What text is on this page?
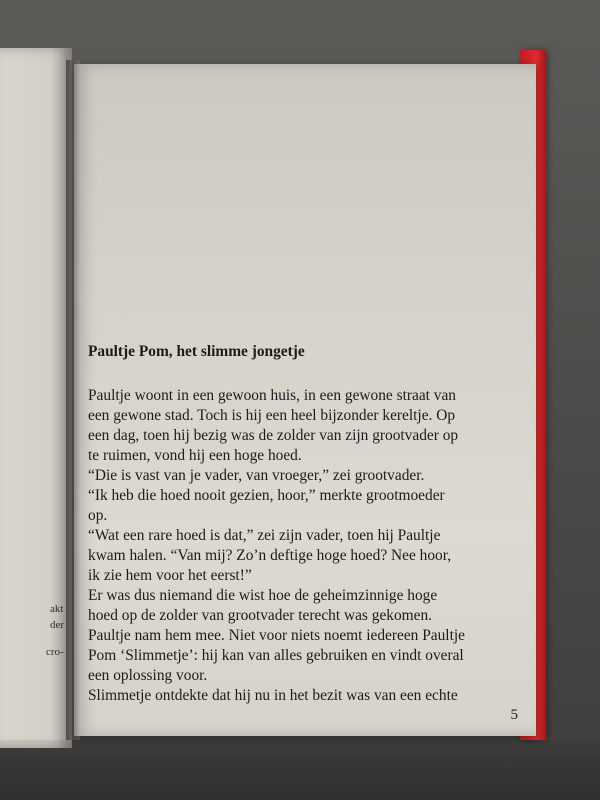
akt
der
cro-

Paultje Pom, het slimme jongetje

Paultje woont in een gewoon huis, in een gewone straat van

een gewone stad. Toch is hij een heel bijzonder kereltje. Op

een dag, toen hij bezig was de zolder van zijn grootvader op

te ruimen, vond hij een hoge hoed.

“Die is vast van je vader, van vroeger,” zei grootvader.

“Ik heb die hoed nooit gezien, hoor,” merkte grootmoeder

op.

“Wat een rare hoed is dat,” zei zijn vader, toen hij Paultje

kwam halen. “Van mij? Zo’n deftige hoge hoed? Nee hoor,

ik zie hem voor het eerst!”

Er was dus niemand die wist hoe de geheimzinnige hoge

hoed op de zolder van grootvader terecht was gekomen.

Paultje nam hem mee. Niet voor niets noemt iedereen Paultje

Pom ‘Slimmetje’: hij kan van alles gebruiken en vindt overal

een oplossing voor.

Slimmetje ontdekte dat hij nu in het bezit was van een echte

5
